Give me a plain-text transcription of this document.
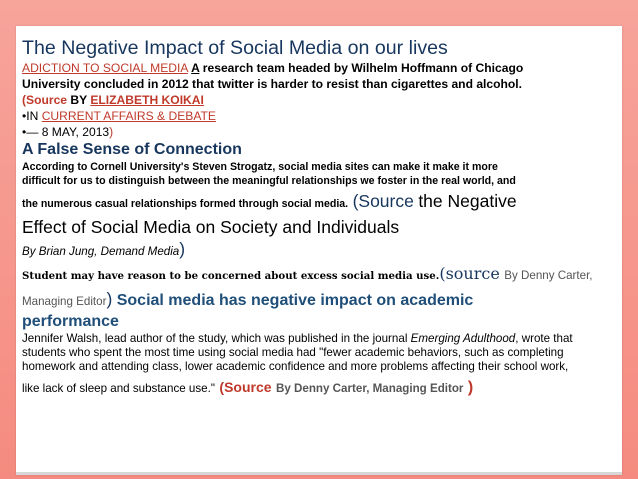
The Negative Impact of Social Media on our lives
ADICTION TO SOCIAL MEDIA A research team headed by Wilhelm Hoffmann of Chicago
University concluded in 2012 that twitter is harder to resist than cigarettes and alcohol.
(Source BY ELIZABETH KOIKAI
•IN CURRENT AFFAIRS & DEBATE
•— 8 MAY, 2013)
A False Sense of Connection
According to Cornell University's Steven Strogatz, social media sites can make it make it more
difficult for us to distinguish between the meaningful relationships we foster in the real world, and
the numerous casual relationships formed through social media. (Source the Negative
Effect of Social Media on Society and Individuals
By Brian Jung, Demand Media)
Student may have reason to be concerned about excess social media use.(source By Denny Carter,
Managing Editor) Social media has negative impact on academic
performance
Jennifer Walsh, lead author of the study, which was published in the journal Emerging Adulthood, wrote that
students who spent the most time using social media had "fewer academic behaviors, such as completing
homework and attending class, lower academic confidence and more problems affecting their school work,
like lack of sleep and substance use." (Source By Denny Carter, Managing Editor )
